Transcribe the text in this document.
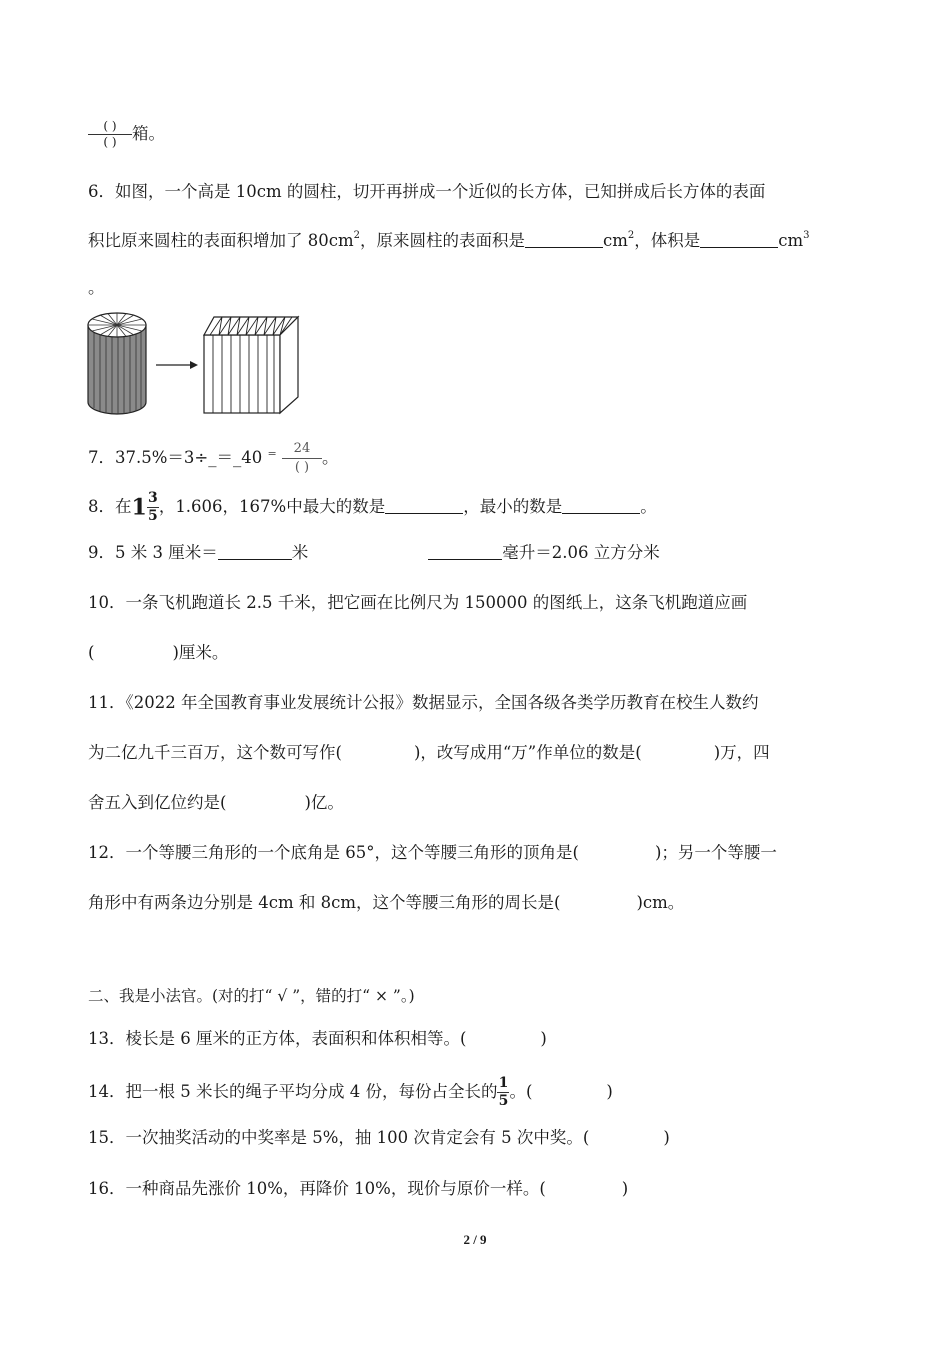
$\frac{( )}{( )}$ 箱。
6．如图，一个高是 10cm 的圆柱，切开再拼成一个近似的长方体，已知拼成后长方体的表面
积比原来圆柱的表面积增加了 $80cm^2$，原来圆柱的表面积是	$cm^2$，体积是	$cm^3$
。
7．37.5%＝3÷_＝_40 =	24
( )
。
8．在$1 \frac{3}{5}$ ，1.606，167%中最大的数是	，最小的数是	。
9．5 米 3 厘米＝	米	毫升＝2.06 立方分米
10．一条飞机跑道长 2.5 千米，把它画在比例尺为 150000 的图纸上，这条飞机跑道应画
(	)厘米。
11．《2022 年全国教育事业发展统计公报》数据显示，全国各级各类学历教育在校生人数约
为二亿九千三百万，这个数可写作(	)，改写成用“万”作单位的数是(	)万，四
舍五入到亿位约是(	)亿。
12．一个等腰三角形的一个底角是 65°，这个等腰三角形的顶角是(	)；另一个等腰一
角形中有两条边分别是 4cm 和 8cm，这个等腰三角形的周长是(	)cm。
二、我是小法官。(对的打“ √ ”，错的打“ × ”。)
13．棱长是 6 厘米的正方体，表面积和体积相等。(	)
14．把一根 5 米长的绳子平均分成 4 份，每份占全长的 $\frac{1}{5}$ 。(	)
15．一次抽奖活动的中奖率是 5%，抽 100 次肯定会有 5 次中奖。(	)
16．一种商品先涨价 10%，再降价 10%，现价与原价一样。(	)
2 / 9
